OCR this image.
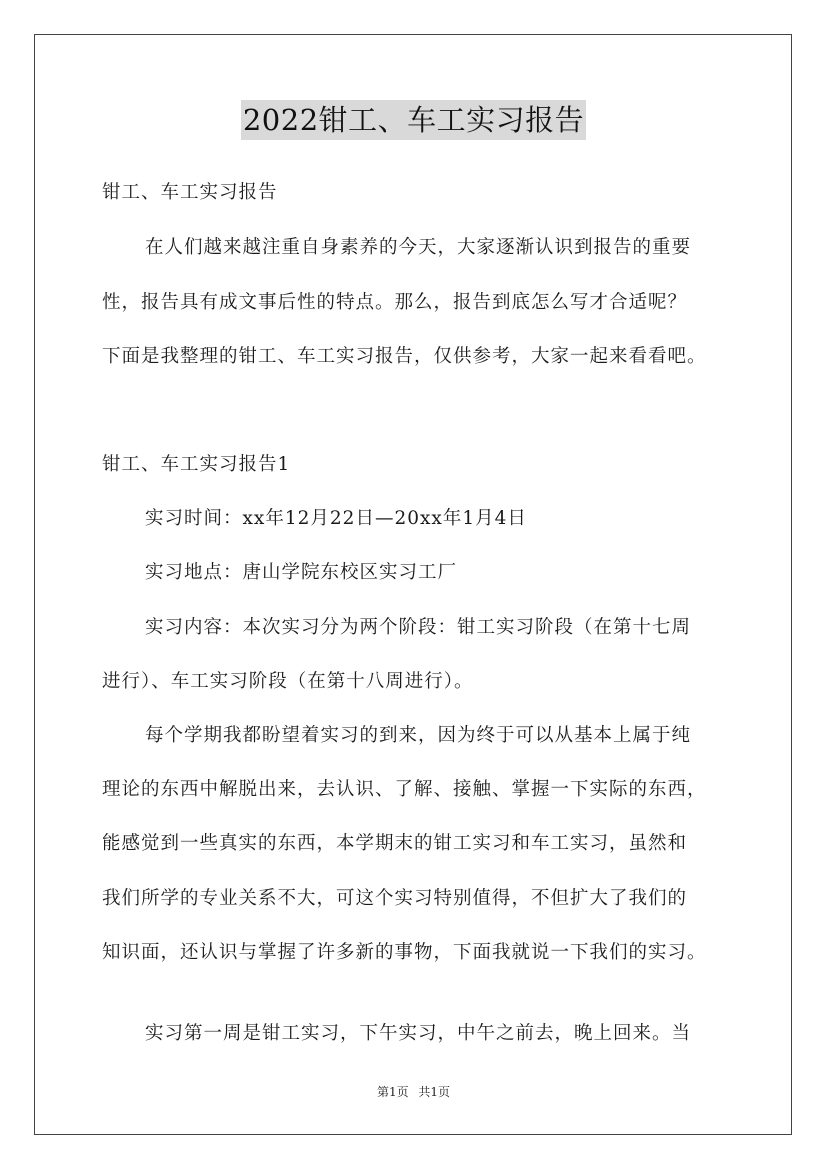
2022钳工、车工实习报告
钳工、车工实习报告
在人们越来越注重自身素养的今天，大家逐渐认识到报告的重要
性，报告具有成文事后性的特点。那么，报告到底怎么写才合适呢？
下面是我整理的钳工、车工实习报告，仅供参考，大家一起来看看吧。
钳工、车工实习报告1
实习时间：xx年12月22日—20xx年1月4日
实习地点：唐山学院东校区实习工厂
实习内容：本次实习分为两个阶段：钳工实习阶段（在第十七周
进行）、车工实习阶段（在第十八周进行）。
每个学期我都盼望着实习的到来，因为终于可以从基本上属于纯
理论的东西中解脱出来，去认识、了解、接触、掌握一下实际的东西，
能感觉到一些真实的东西，本学期末的钳工实习和车工实习，虽然和
我们所学的专业关系不大，可这个实习特别值得，不但扩大了我们的
知识面，还认识与掌握了许多新的事物，下面我就说一下我们的实习。
实习第一周是钳工实习，下午实习，中午之前去，晚上回来。当
第1页 共1页
